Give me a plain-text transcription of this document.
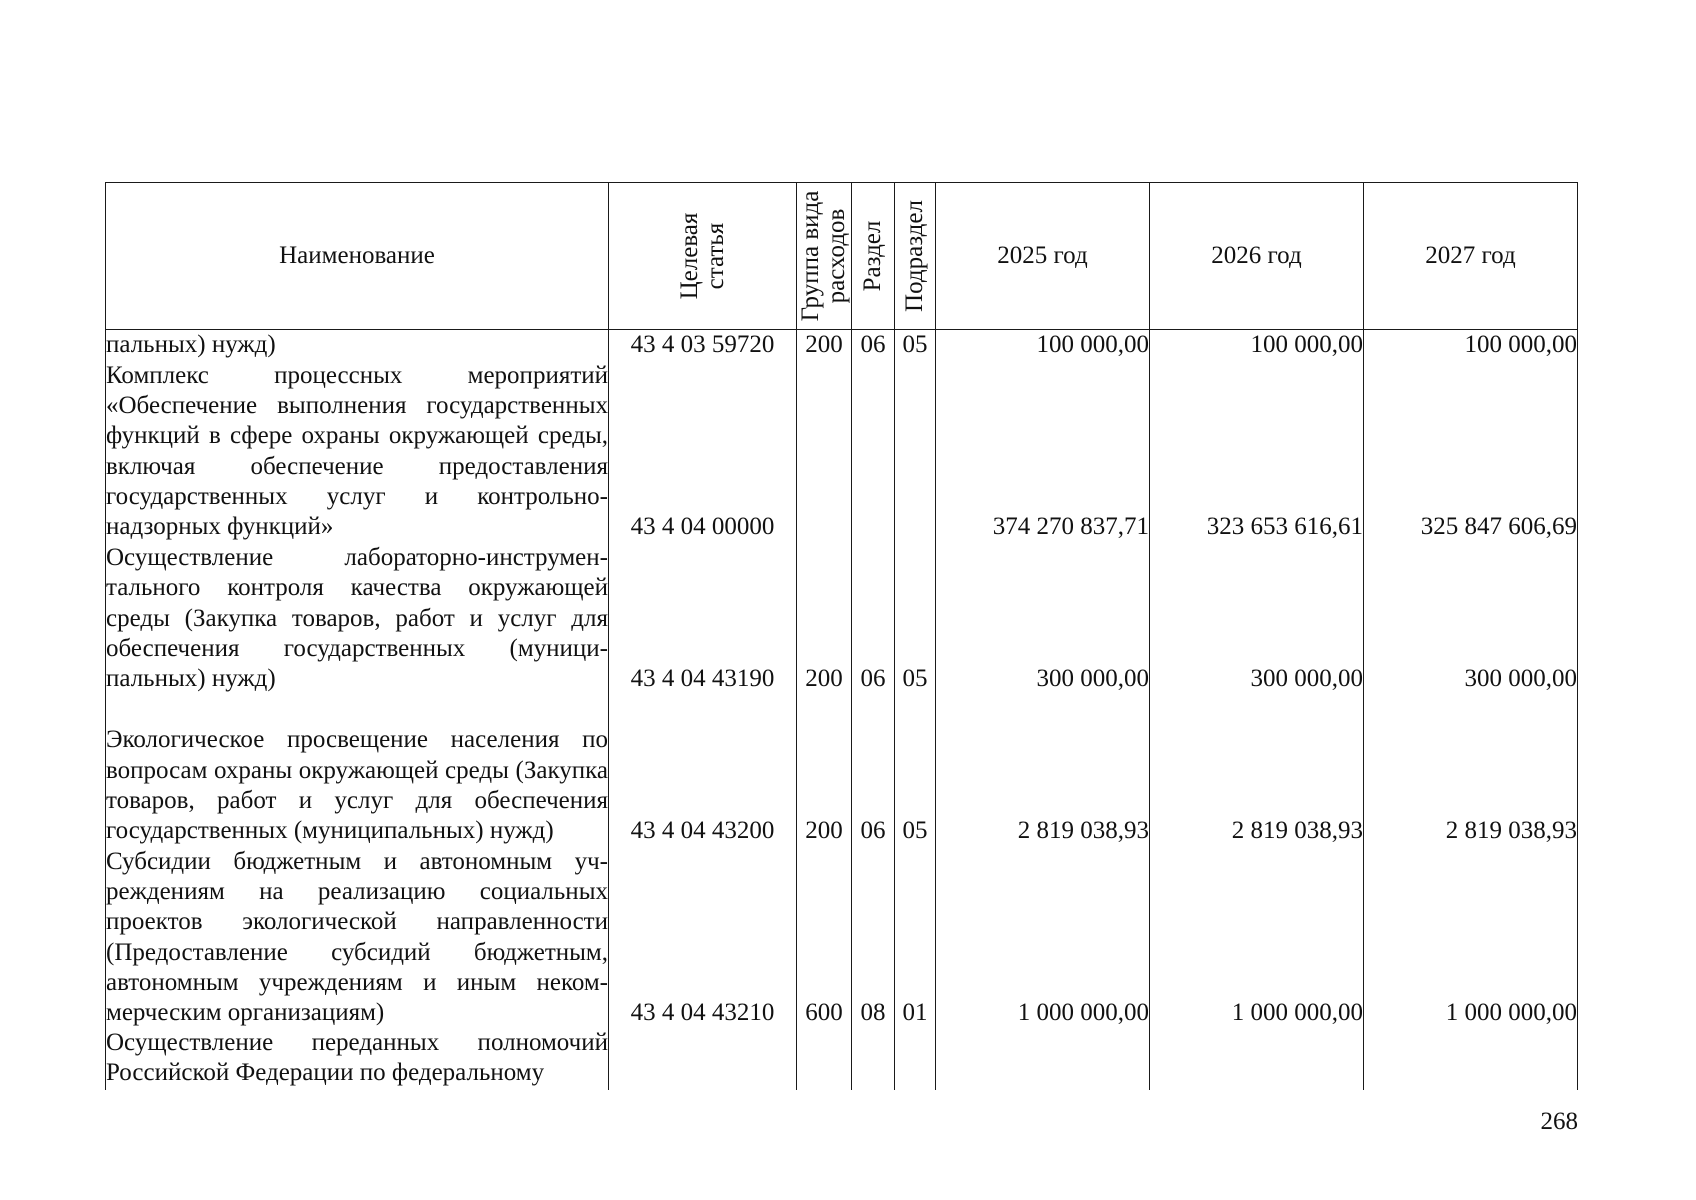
Наименование	Целевая статья	Группа вида расходов	Раздел	Подраздел	2025 год	2026 год	2027 год
пальных) нужд)	43 4 03 59720	200	06	05	100 000,00	100 000,00	100 000,00
Комплекс процессных мероприятий «Обеспечение выполнения государственных функций в сфере охраны окружающей среды, включая обеспечение предоставления государственных услуг и контрольно-надзорных функций»	43 4 04 00000				374 270 837,71	323 653 616,61	325 847 606,69
Осуществление лабораторно-инструментального контроля качества окружающей среды (Закупка товаров, работ и услуг для обеспечения государственных (муниципальных) нужд)	43 4 04 43190	200	06	05	300 000,00	300 000,00	300 000,00
Экологическое просвещение населения по вопросам охраны окружающей среды (Закупка товаров, работ и услуг для обеспечения государственных (муниципальных) нужд)	43 4 04 43200	200	06	05	2 819 038,93	2 819 038,93	2 819 038,93
Субсидии бюджетным и автономным учреждениям на реализацию социальных проектов экологической направленности (Предоставление субсидий бюджетным, автономным учреждениям и иным некоммерческим организациям)	43 4 04 43210	600	08	01	1 000 000,00	1 000 000,00	1 000 000,00
Осуществление переданных полномочий Российской Федерации по федеральному							
268
